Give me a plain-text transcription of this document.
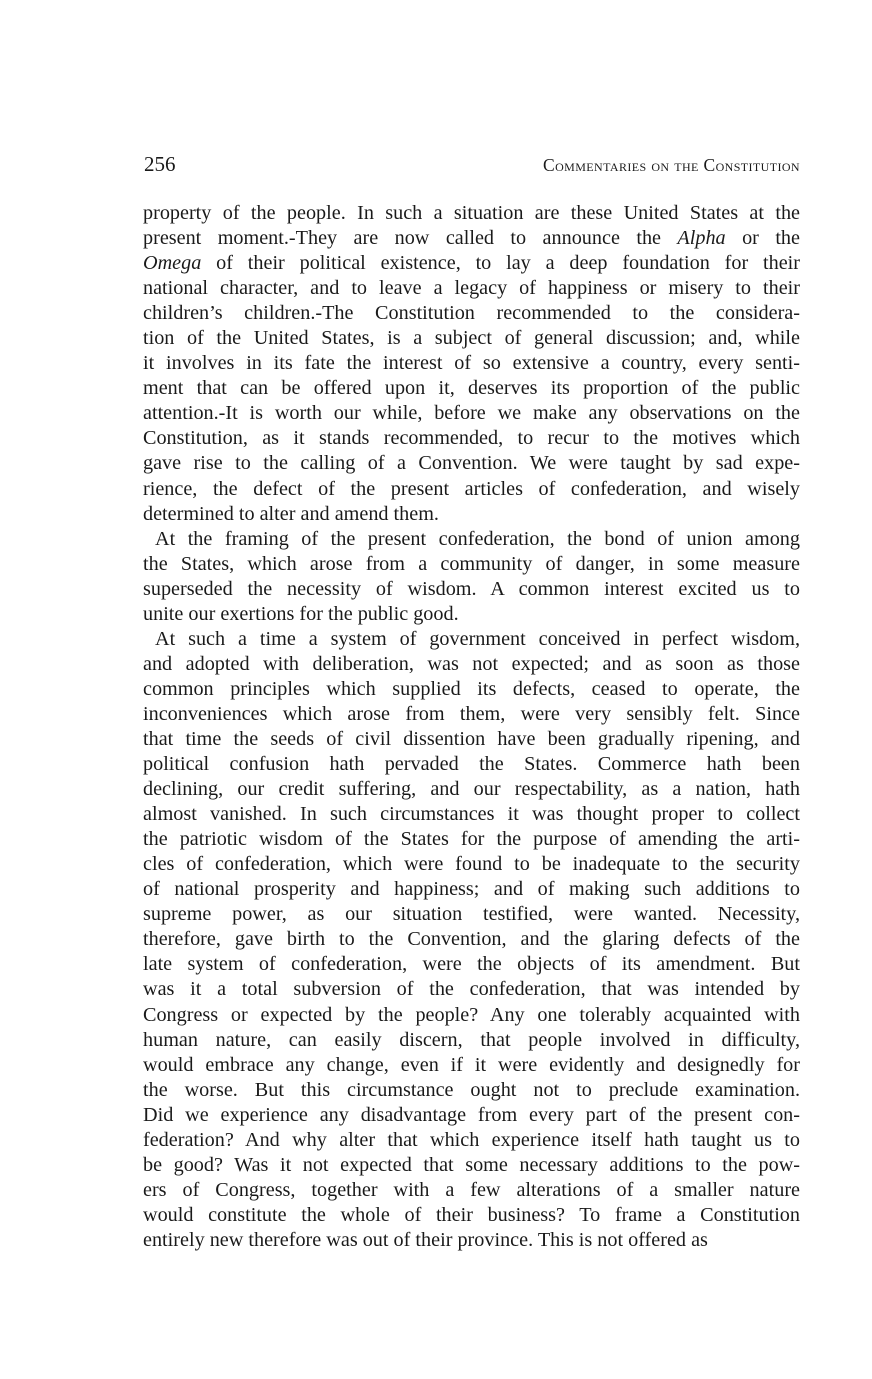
256	Commentaries on the Constitution
property of the people. In such a situation are these United States at the
present moment.-They are now called to announce the Alpha or the
Omega of their political existence, to lay a deep foundation for their
national character, and to leave a legacy of happiness or misery to their
children’s children.-The Constitution recommended to the considera-
tion of the United States, is a subject of general discussion; and, while
it involves in its fate the interest of so extensive a country, every senti-
ment that can be offered upon it, deserves its proportion of the public
attention.-It is worth our while, before we make any observations on the
Constitution, as it stands recommended, to recur to the motives which
gave rise to the calling of a Convention. We were taught by sad expe-
rience, the defect of the present articles of confederation, and wisely
determined to alter and amend them.
At the framing of the present confederation, the bond of union among
the States, which arose from a community of danger, in some measure
superseded the necessity of wisdom. A common interest excited us to
unite our exertions for the public good.
At such a time a system of government conceived in perfect wisdom,
and adopted with deliberation, was not expected; and as soon as those
common principles which supplied its defects, ceased to operate, the
inconveniences which arose from them, were very sensibly felt. Since
that time the seeds of civil dissention have been gradually ripening, and
political confusion hath pervaded the States. Commerce hath been
declining, our credit suffering, and our respectability, as a nation, hath
almost vanished. In such circumstances it was thought proper to collect
the patriotic wisdom of the States for the purpose of amending the arti-
cles of confederation, which were found to be inadequate to the security
of national prosperity and happiness; and of making such additions to
supreme power, as our situation testified, were wanted. Necessity,
therefore, gave birth to the Convention, and the glaring defects of the
late system of confederation, were the objects of its amendment. But
was it a total subversion of the confederation, that was intended by
Congress or expected by the people? Any one tolerably acquainted with
human nature, can easily discern, that people involved in difficulty,
would embrace any change, even if it were evidently and designedly for
the worse. But this circumstance ought not to preclude examination.
Did we experience any disadvantage from every part of the present con-
federation? And why alter that which experience itself hath taught us to
be good? Was it not expected that some necessary additions to the pow-
ers of Congress, together with a few alterations of a smaller nature
would constitute the whole of their business? To frame a Constitution
entirely new therefore was out of their province. This is not offered as
